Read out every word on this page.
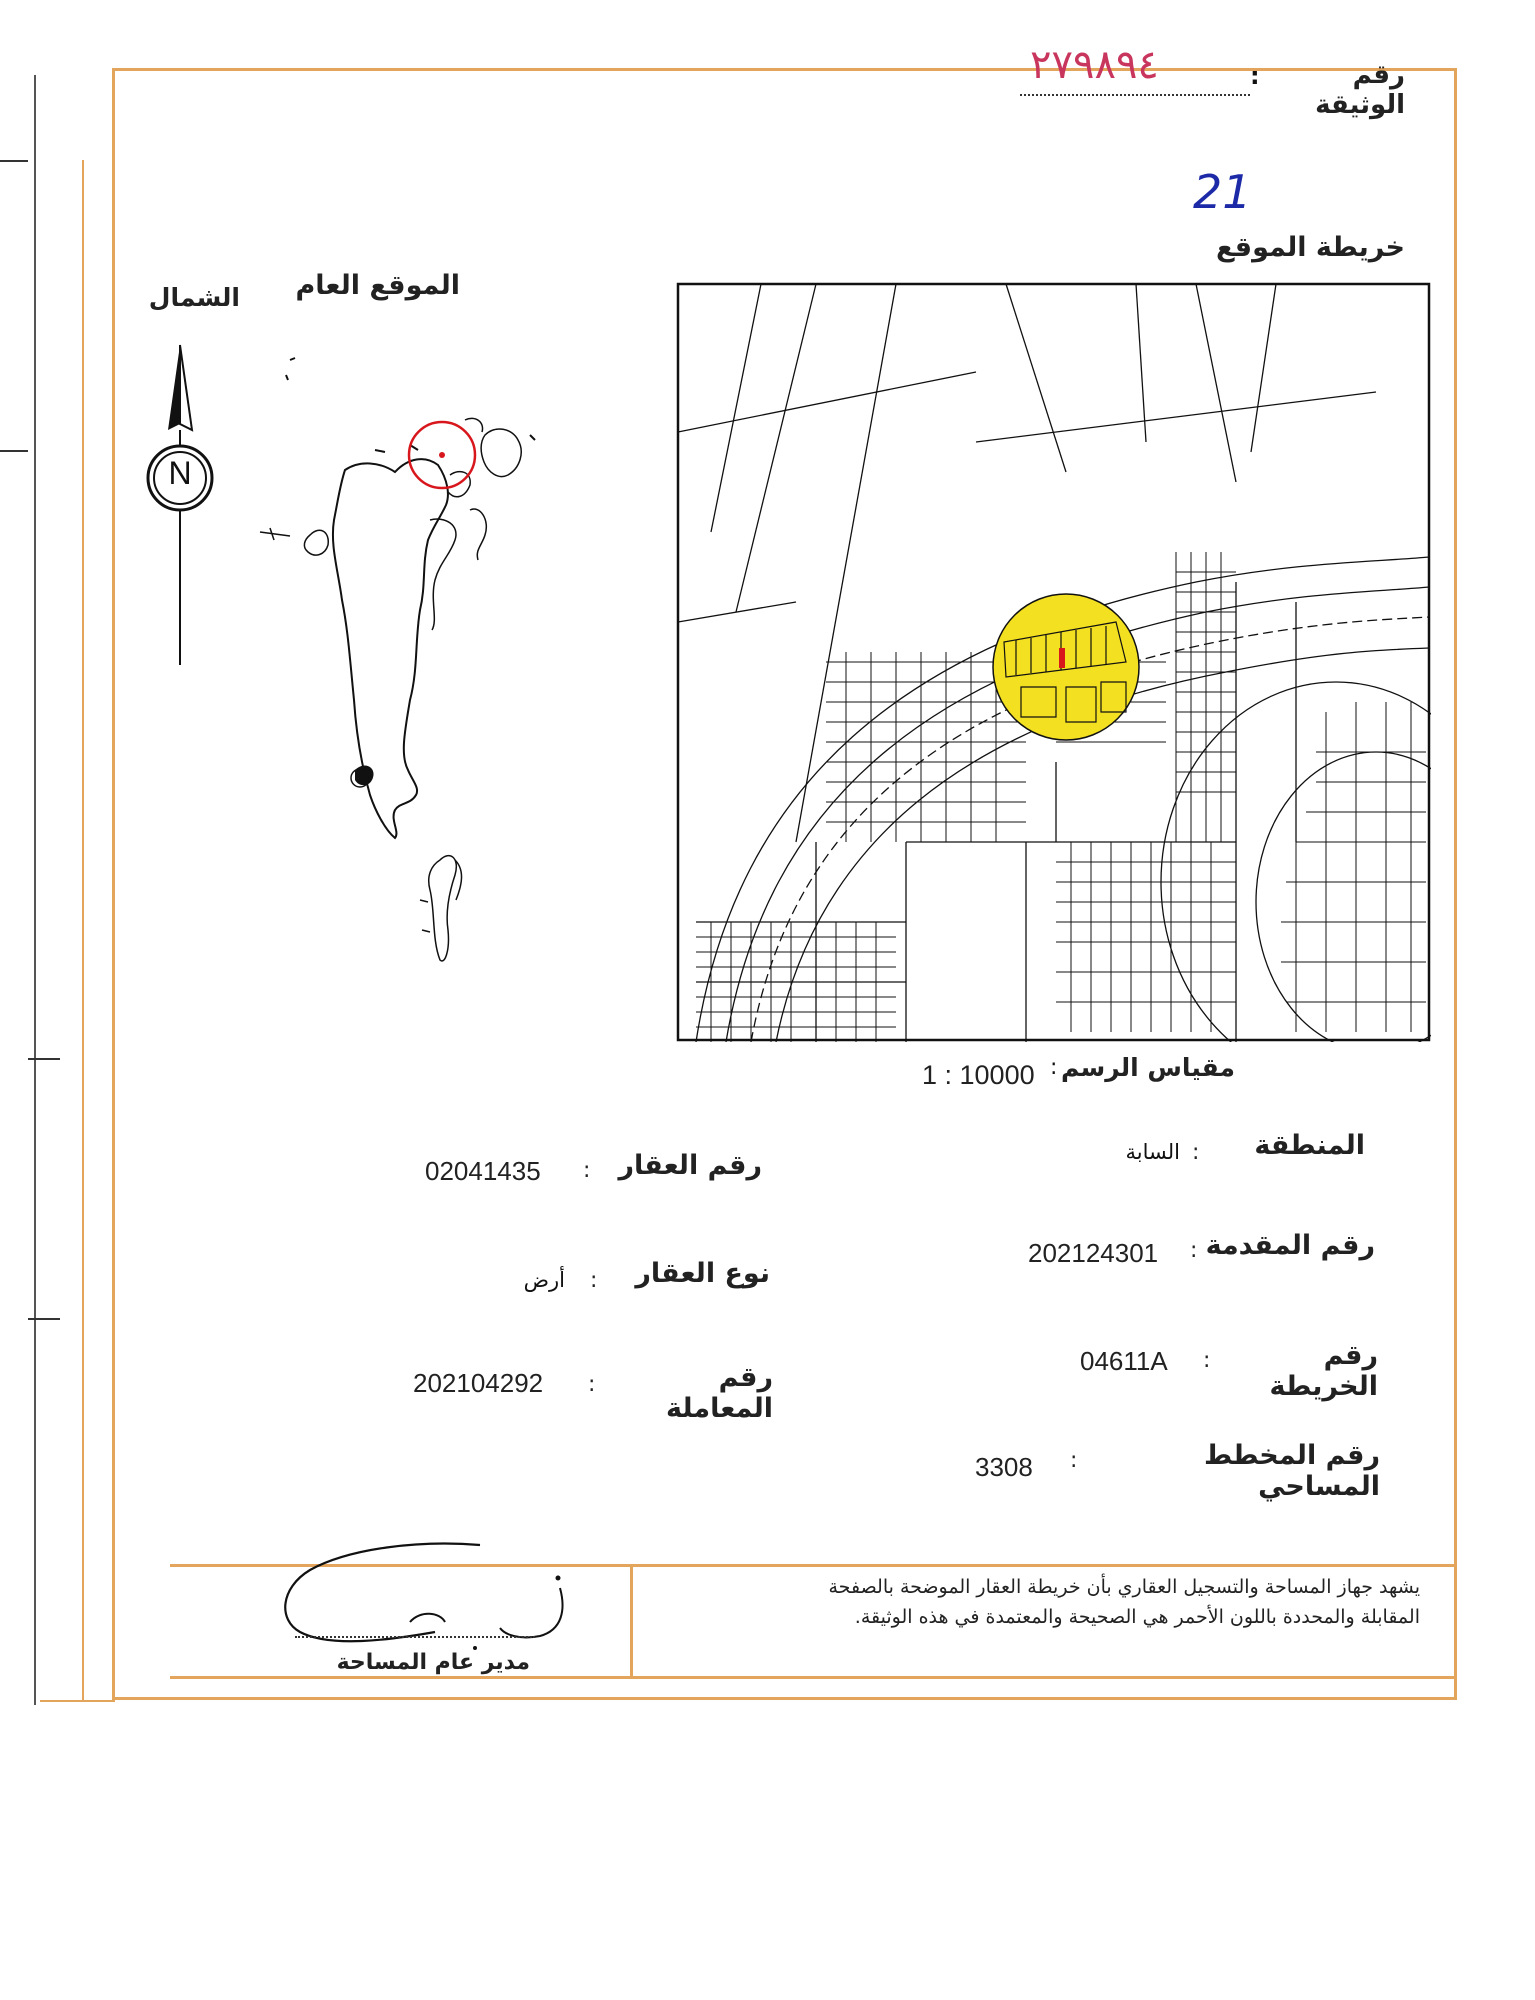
رقم الوثيقة
:
٢٧٩٨٩٤
21
خريطة الموقع
الموقع العام
الشمال
N
مقياس الرسم
:
1 : 10000
المنطقة
:
السابة
رقم المقدمة
:
202124301
رقم الخريطة
:
04611A
رقم المخطط المساحي
:
3308
رقم العقار
:
02041435
نوع العقار
:
أرض
رقم المعاملة
:
202104292
يشهد جهاز المساحة والتسجيل العقاري بأن خريطة العقار الموضحة بالصفحة
المقابلة والمحددة باللون الأحمر هي الصحيحة والمعتمدة في هذه الوثيقة.
مدير عام المساحة
